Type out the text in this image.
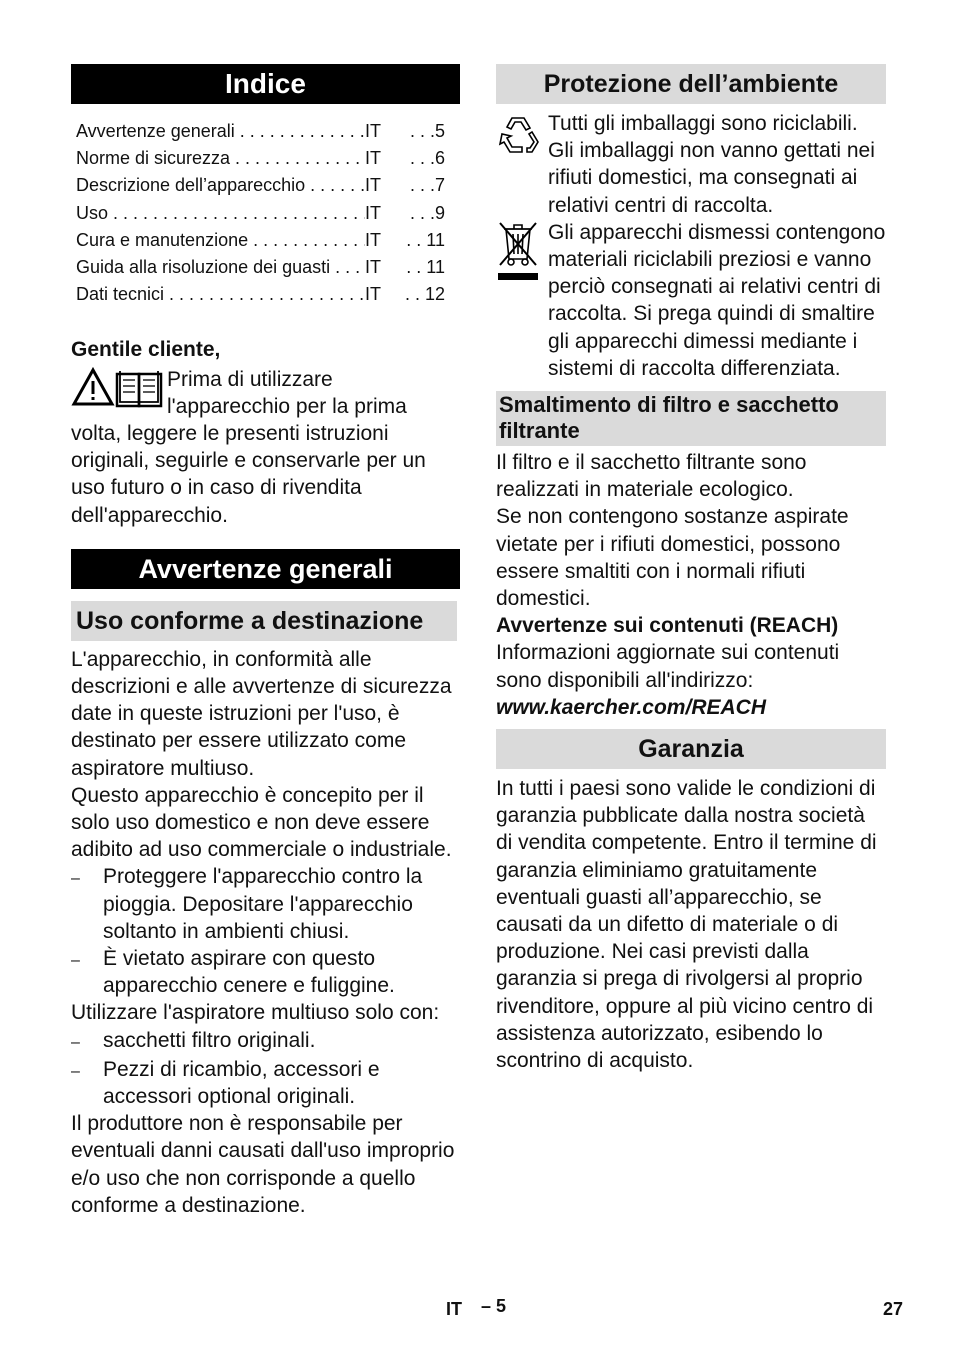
Indice
Avvertenze generali . . .	IT	. . .5
Norme di sicurezza . . .	IT	. . .6
Descrizione dell’apparecchio . . .	IT	. . .7
Uso . . .	IT	. . .9
Cura e manutenzione . . .	IT	. . 11
Guida alla risoluzione dei guasti . . .	IT	. . 11
Dati tecnici . . .	IT	. . 12

Gentile cliente,

Prima di utilizzare l'apparecchio per la prima volta, leggere le presenti istruzioni originali, seguirle e conservarle per un uso futuro o in caso di rivendita dell'apparecchio.
Avvertenze generali
Uso conforme a destinazione

L'apparecchio, in conformità alle descrizioni e alle avvertenze di sicurezza date in queste istruzioni per l'uso, è destinato per essere utilizzato come aspiratore multiuso.

Questo apparecchio è concepito per il solo uso domestico e non deve essere adibito ad uso commerciale o industriale.

–	Proteggere l'apparecchio contro la pioggia. Depositare l'apparecchio soltanto in ambienti chiusi.
–	È vietato aspirare con questo apparecchio cenere e fuliggine.

Utilizzare l'aspiratore multiuso solo con:

–	sacchetti filtro originali.
–	Pezzi di ricambio, accessori e accessori optional originali.

Il produttore non è responsabile per eventuali danni causati dall'uso improprio e/o uso che non corrisponde a quello conforme a destinazione.

Protezione dell’ambiente

Tutti gli imballaggi sono riciclabili. Gli imballaggi non vanno gettati nei rifiuti domestici, ma consegnati ai relativi centri di raccolta.

Gli apparecchi dismessi contengono materiali riciclabili preziosi e vanno perciò consegnati ai relativi centri di raccolta. Si prega quindi di smaltire gli apparecchi dimessi mediante i sistemi di raccolta differenziata.

Smaltimento di filtro e sacchetto filtrante

Il filtro e il sacchetto filtrante sono realizzati in materiale ecologico.

Se non contengono sostanze aspirate vietate per i rifiuti domestici, possono essere smaltiti con i normali rifiuti domestici.

Avvertenze sui contenuti (REACH)

Informazioni aggiornate sui contenuti sono disponibili all'indirizzo:

www.kaercher.com/REACH

Garanzia

In tutti i paesi sono valide le condizioni di garanzia pubblicate dalla nostra società di vendita competente. Entro il termine di garanzia eliminiamo gratuitamente eventuali guasti all’apparecchio, se causati da un difetto di materiale o di produzione. Nei casi previsti dalla garanzia si prega di rivolgersi al proprio rivenditore, oppure al più vicino centro di assistenza autorizzato, esibendo lo scontrino di acquisto.

IT – 5	27
